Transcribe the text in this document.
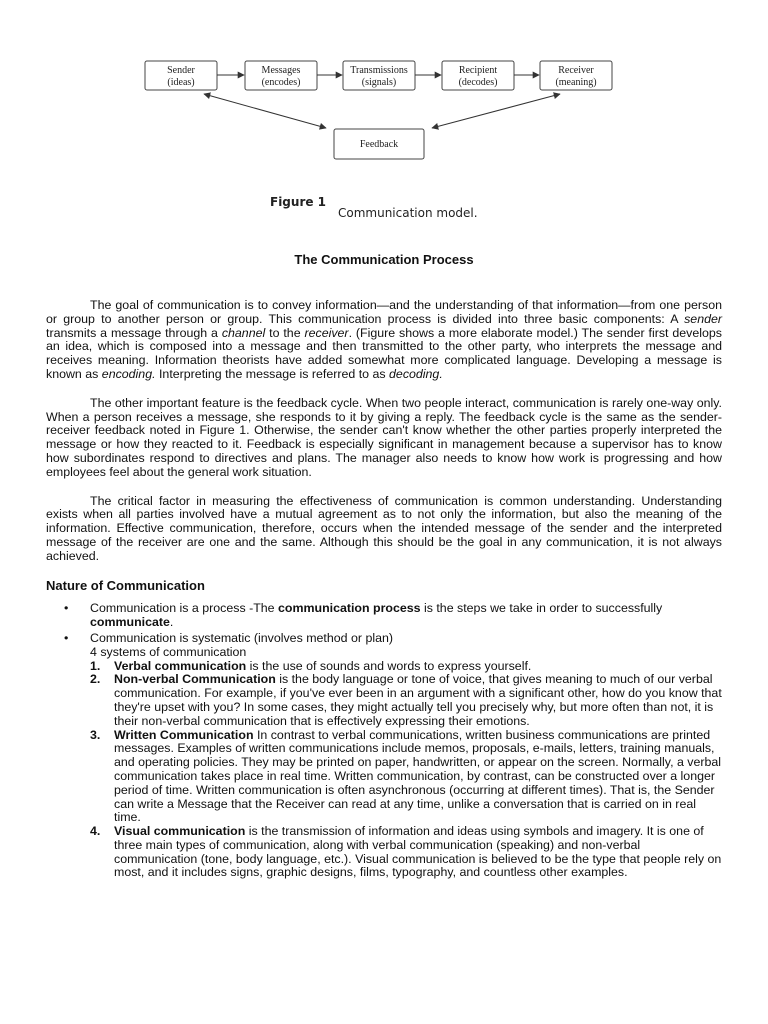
Sender
(ideas)
Messages
(encodes)
Transmissions
(signals)
Recipient
(decodes)
Receiver
(meaning)
Feedback
Figure 1
Communication model.
The Communication Process

The goal of communication is to convey information—and the understanding of that information—from one person or group to another person or group. This communication process is divided into three basic components: A sender transmits a message through a channel to the receiver. (Figure shows a more elaborate model.) The sender first develops an idea, which is composed into a message and then transmitted to the other party, who interprets the message and receives meaning. Information theorists have added somewhat more complicated language. Developing a message is known as encoding. Interpreting the message is referred to as decoding.

The other important feature is the feedback cycle. When two people interact, communication is rarely one-way only. When a person receives a message, she responds to it by giving a reply. The feedback cycle is the same as the sender-receiver feedback noted in Figure 1. Otherwise, the sender can't know whether the other parties properly interpreted the message or how they reacted to it. Feedback is especially significant in management because a supervisor has to know how subordinates respond to directives and plans. The manager also needs to know how work is progressing and how employees feel about the general work situation.

The critical factor in measuring the effectiveness of communication is common understanding. Understanding exists when all parties involved have a mutual agreement as to not only the information, but also the meaning of the information. Effective communication, therefore, occurs when the intended message of the sender and the interpreted message of the receiver are one and the same. Although this should be the goal in any communication, it is not always achieved.

Nature of Communication
• Communication is a process -The communication process is the steps we take in order to successfully communicate.
• Communication is systematic (involves method or plan)
4 systems of communication
1. Verbal communication is the use of sounds and words to express yourself.
2. Non-verbal Communication is the body language or tone of voice, that gives meaning to much of our verbal communication. For example, if you've ever been in an argument with a significant other, how do you know that they're upset with you? In some cases, they might actually tell you precisely why, but more often than not, it is their non-verbal communication that is effectively expressing their emotions.
3. Written Communication In contrast to verbal communications, written business communications are printed messages. Examples of written communications include memos, proposals, e-mails, letters, training manuals, and operating policies. They may be printed on paper, handwritten, or appear on the screen. Normally, a verbal communication takes place in real time. Written communication, by contrast, can be constructed over a longer period of time. Written communication is often asynchronous (occurring at different times). That is, the Sender can write a Message that the Receiver can read at any time, unlike a conversation that is carried on in real time.
4. Visual communication is the transmission of information and ideas using symbols and imagery. It is one of three main types of communication, along with verbal communication (speaking) and non-verbal communication (tone, body language, etc.). Visual communication is believed to be the type that people rely on most, and it includes signs, graphic designs, films, typography, and countless other examples.
